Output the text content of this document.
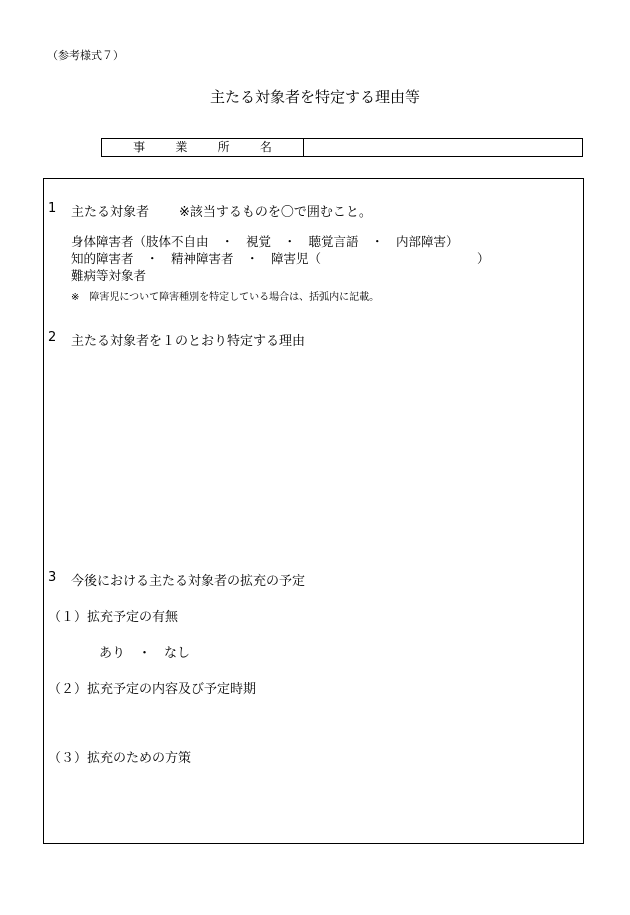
（参考様式７）
主たる対象者を特定する理由等
事	業	所	名
1 主たる対象者 ※該当するものを〇で囲むこと。
身体障害者（肢体不自由　・　視覚　・　聴覚言語　・　内部障害）
知的障害者　・　精神障害者　・　障害児（	）
難病等対象者
※　障害児について障害種別を特定している場合は、括弧内に記載。
2 主たる対象者を１のとおり特定する理由
3 今後における主たる対象者の拡充の予定
（１）拡充予定の有無
あり　・　なし
（２）拡充予定の内容及び予定時期
（３）拡充のための方策
